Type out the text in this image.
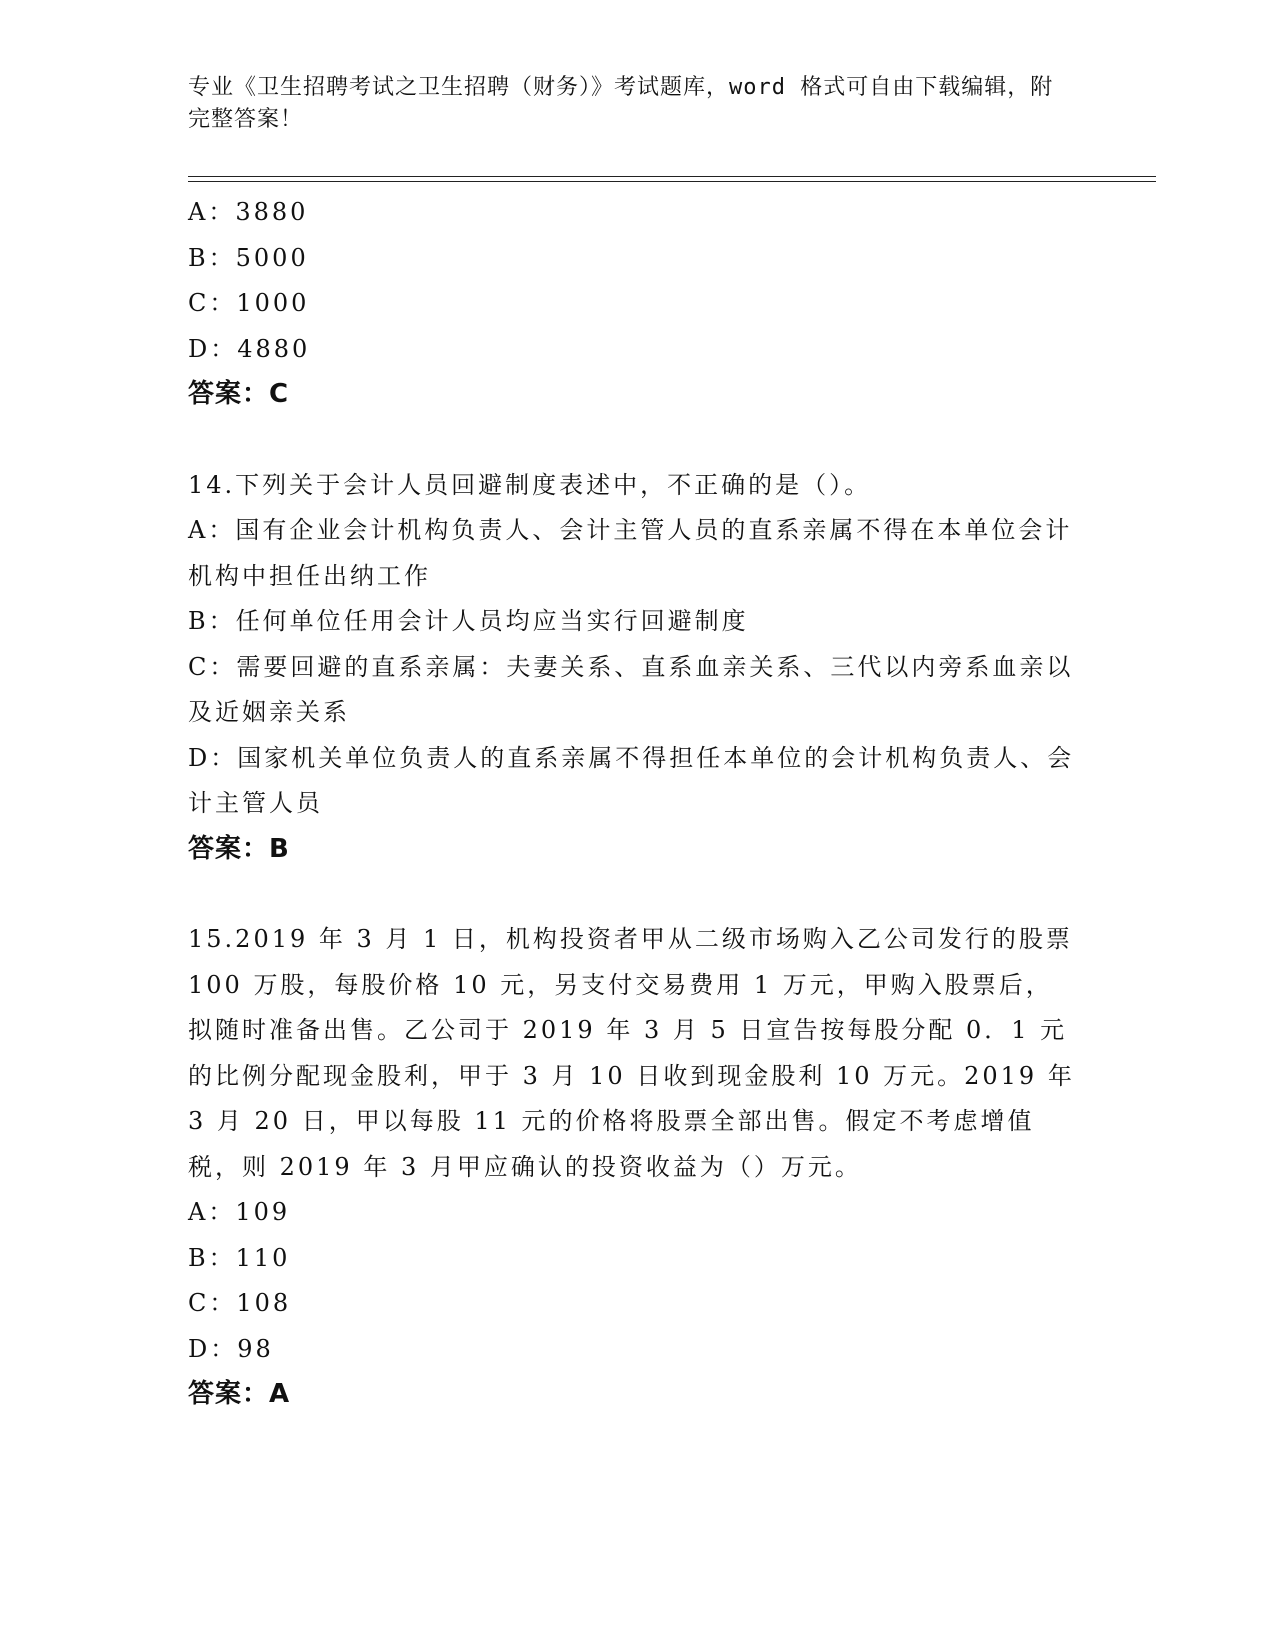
专业《卫生招聘考试之卫生招聘（财务）》考试题库，word 格式可自由下载编辑，附完整答案！
A：3880
B：5000
C：1000
D：4880
答案：C
14.下列关于会计人员回避制度表述中，不正确的是（）。
A：国有企业会计机构负责人、会计主管人员的直系亲属不得在本单位会计机构中担任出纳工作
B：任何单位任用会计人员均应当实行回避制度
C：需要回避的直系亲属：夫妻关系、直系血亲关系、三代以内旁系血亲以及近姻亲关系
D：国家机关单位负责人的直系亲属不得担任本单位的会计机构负责人、会计主管人员
答案：B
15.2019 年 3 月 1 日，机构投资者甲从二级市场购入乙公司发行的股票 100 万股，每股价格 10 元，另支付交易费用 1 万元，甲购入股票后，拟随时准备出售。乙公司于 2019 年 3 月 5 日宣告按每股分配 0．1 元的比例分配现金股利，甲于 3 月 10 日收到现金股利 10 万元。2019 年 3 月 20 日，甲以每股 11 元的价格将股票全部出售。假定不考虑增值税，则 2019 年 3 月甲应确认的投资收益为（）万元。
A：109
B：110
C：108
D：98
答案：A
